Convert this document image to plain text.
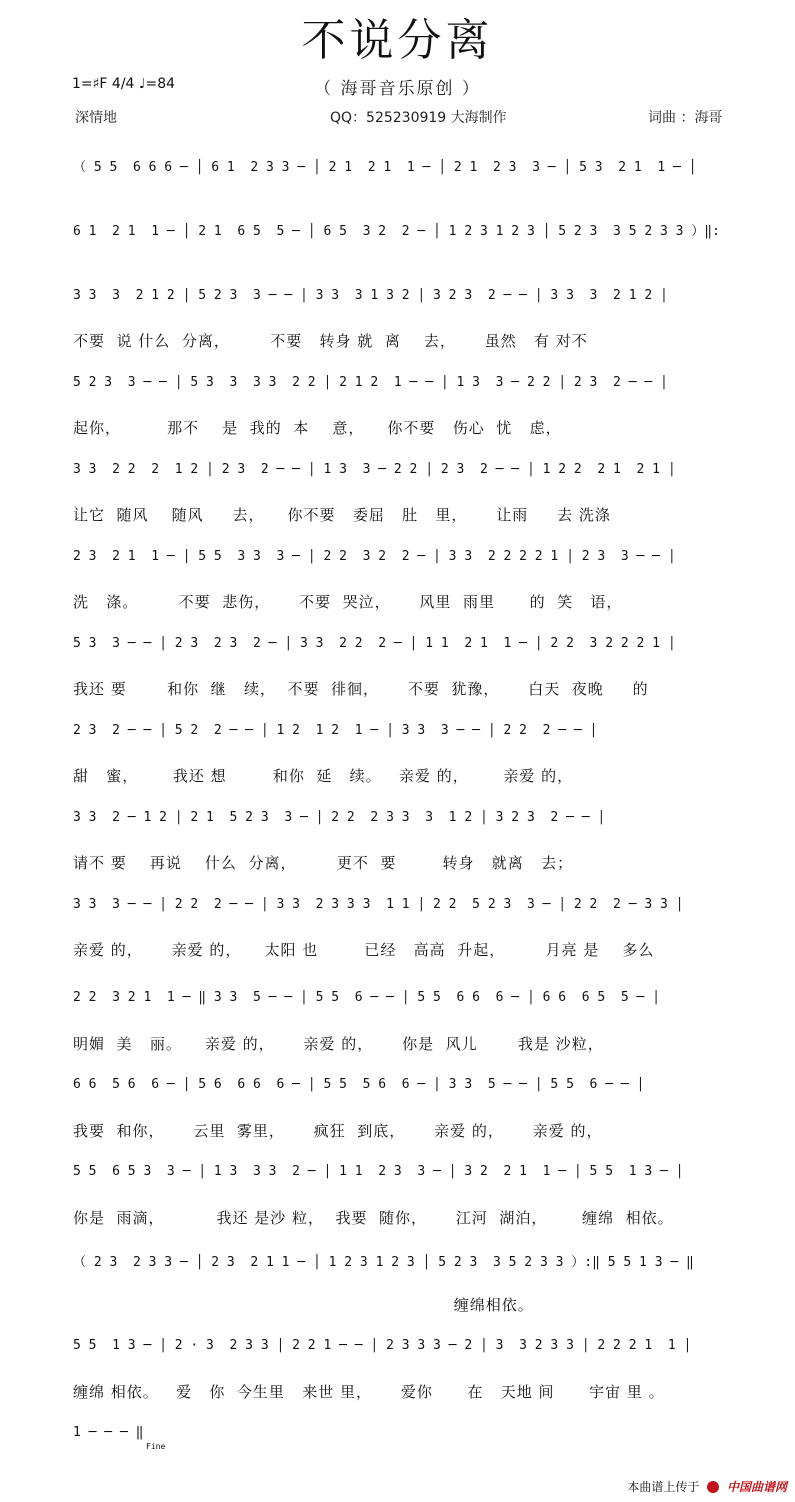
不说分离
1=♯F 4/4 ♩=84	（ 海哥音乐原创 ）
深情地	QQ：525230919 大海制作	词曲 ：海哥
（ 5 5  6 6 6 ─ │ 6 1  2 3 3 ─ │ 2 1  2 1  1 ─ │ 2 1  2 3  3 ─ │ 5 3  2 1  1 ─ │
6 1  2 1  1 ─ │ 2 1  6 5  5 ─ │ 6 5  3 2  2 ─ │ 1 2 3 1 2 3 │ 5 2 3  3 5 2 3 3 ）‖:
3 3  3  2 1 2 │ 5 2 3  3 ─ ─ │ 3 3  3 1 3 2 │ 3 2 3  2 ─ ─ │ 3 3  3  2 1 2 │
不要  说 什么  分离，       不要   转身 就  离    去，     虽然   有 对不
5 2 3  3 ─ ─ │ 5 3  3  3 3  2 2 │ 2 1 2  1 ─ ─ │ 1 3  3 ─ 2 2 │ 2 3  2 ─ ─ │
起你，        那不    是  我的  本    意，    你不要   伤心  忧   虑，
3 3  2 2  2  1 2 │ 2 3  2 ─ ─ │ 1 3  3 ─ 2 2 │ 2 3  2 ─ ─ │ 1 2 2  2 1  2 1 │
让它  随风    随风     去，    你不要   委屈   肚   里，     让雨     去 洗涤
2 3  2 1  1 ─ │ 5 5  3 3  3 ─ │ 2 2  3 2  2 ─ │ 3 3  2 2 2 2 1 │ 2 3  3 ─ ─ │
洗   涤。       不要  悲伤，     不要  哭泣，     风里  雨里      的  笑   语，
5 3  3 ─ ─ │ 2 3  2 3  2 ─ │ 3 3  2 2  2 ─ │ 1 1  2 1  1 ─ │ 2 2  3 2 2 2 1 │
我还 要       和你  继   续，  不要  徘徊，     不要  犹豫，     白天  夜晚     的
2 3  2 ─ ─ │ 5 2  2 ─ ─ │ 1 2  1 2  1 ─ │ 3 3  3 ─ ─ │ 2 2  2 ─ ─ │
甜   蜜，      我还 想        和你  延   续。   亲爱 的，      亲爱 的，
3 3  2 ─ 1 2 │ 2 1  5 2 3  3 ─ │ 2 2  2 3 3  3  1 2 │ 3 2 3  2 ─ ─ │
请不 要    再说    什么  分离，       更不  要        转身   就离   去；
3 3  3 ─ ─ │ 2 2  2 ─ ─ │ 3 3  2 3 3 3  1 1 │ 2 2  5 2 3  3 ─ │ 2 2  2 ─ 3 3 │
亲爱 的，     亲爱 的，    太阳 也        已经   高高  升起，       月亮 是    多么
2 2  3 2 1  1 ─ ‖ 3 3  5 ─ ─ │ 5 5  6 ─ ─ │ 5 5  6 6  6 ─ │ 6 6  6 5  5 ─ │
明媚  美   丽。    亲爱 的，     亲爱 的，     你是  风儿       我是 沙粒，
6 6  5 6  6 ─ │ 5 6  6 6  6 ─ │ 5 5  5 6  6 ─ │ 3 3  5 ─ ─ │ 5 5  6 ─ ─ │
我要  和你，     云里  雾里，     疯狂  到底，     亲爱 的，     亲爱 的，
5 5  6 5 3  3 ─ │ 1 3  3 3  2 ─ │ 1 1  2 3  3 ─ │ 3 2  2 1  1 ─ │ 5 5  1 3 ─ │
你是  雨滴，         我还 是沙 粒，  我要  随你，     江河  湖泊，      缠绵  相依。
（ 2 3  2 3 3 ─ │ 2 3  2 1 1 ─ │ 1 2 3 1 2 3 │ 5 2 3  3 5 2 3 3 ）:‖ 5 5 1 3 ─ ‖
缠绵相依。
5 5  1 3 ─ │ 2 · 3  2 3 3 │ 2 2 1 ─ ─ │ 2 3 3 3 ─ 2 │ 3  3 2 3 3 │ 2 2 2 1  1 │
缠绵 相依。   爱   你  今生里   来世 里，     爱你      在   天地 间      宇宙 里 。
1 ─ ─ ─ ‖
Fine
本曲谱上传于 中国曲谱网
